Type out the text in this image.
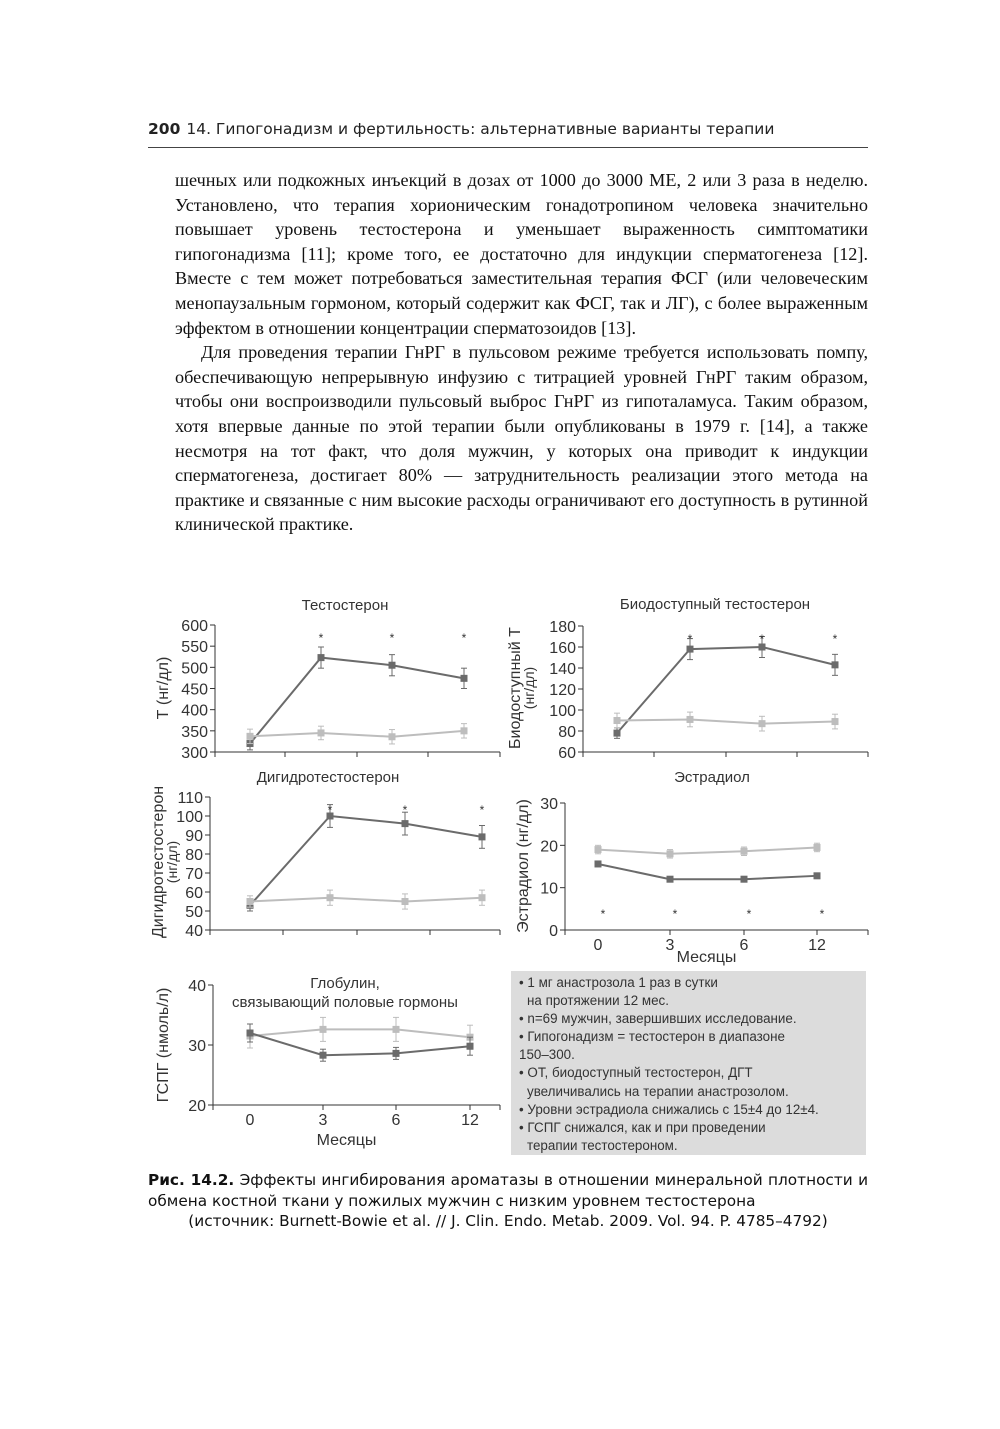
200 14. Гипогонадизм и фертильность: альтернативные варианты терапии

шечных или подкожных инъекций в дозах от 1000 до 3000 МЕ, 2 или 3 раза в неделю. Установлено, что терапия хорионическим гонадотропином человека значительно повышает уровень тестостерона и уменьшает выраженность симптоматики гипогонадизма [11]; кроме того, ее достаточно для индукции сперматогенеза [12]. Вместе с тем может потребоваться заместительная терапия ФСГ (или человеческим менопаузальным гормоном, который содержит как ФСГ, так и ЛГ), с более выраженным эффектом в отношении концентрации сперматозоидов [13].

Для проведения терапии ГнРГ в пульсовом режиме требуется использовать помпу, обеспечивающую непрерывную инфузию с титрацией уровней ГнРГ таким образом, чтобы они воспроизводили пульсовый выброс ГнРГ из гипоталамуса. Таким образом, хотя впервые данные по этой терапии были опубликованы в 1979 г. [14], а также несмотря на тот факт, что доля мужчин, у которых она приводит к индукции сперматогенеза, достигает 80% — затруднительность реализации этого метода на практике и связанные с ним высокие расходы ограничивают его доступность в рутинной клинической практике.

Тестостерон
300
350
400
450
500
550
600
Т (нг/дл)
*	*	*
Биодоступный тестостерон
60
80
100
120
140
160
180
Биодоступный Т
(нг/дл)
*	*	*
Дигидротестостерон
40
50
60
70
80
90
100
110
Дигидротестостерон
(нг/дл)
*	*	*
Эстрадиол
0
10
20
30
0	3	6	12
Месяцы
Эстрадиол (нг/дл)	*	*	*	*
Глобулин,
связывающий половые гормоны
20
30
40
0	3	6	12
Месяцы
ГСПГ (нмоль/л)
• 1 мг анастрозола 1 раз в сутки
на протяжении 12 мес.
• n=69 мужчин, завершивших исследование.
• Гипогонадизм = тестостерон в диапазоне
150–300.
• ОТ, биодоступный тестостерон, ДГТ
увеличивались на терапии анастрозолом.
• Уровни эстрадиола снижались с 15±4 до 12±4.
• ГСПГ снижался, как и при проведении
терапии тестостероном.
Рис. 14.2. Эффекты ингибирования ароматазы в отношении минеральной плотности и обмена костной ткани у пожилых мужчин с низким уровнем тестостерона
(источник: Burnett-Bowie et al. // J. Clin. Endo. Metab. 2009. Vol. 94. P. 4785–4792)
